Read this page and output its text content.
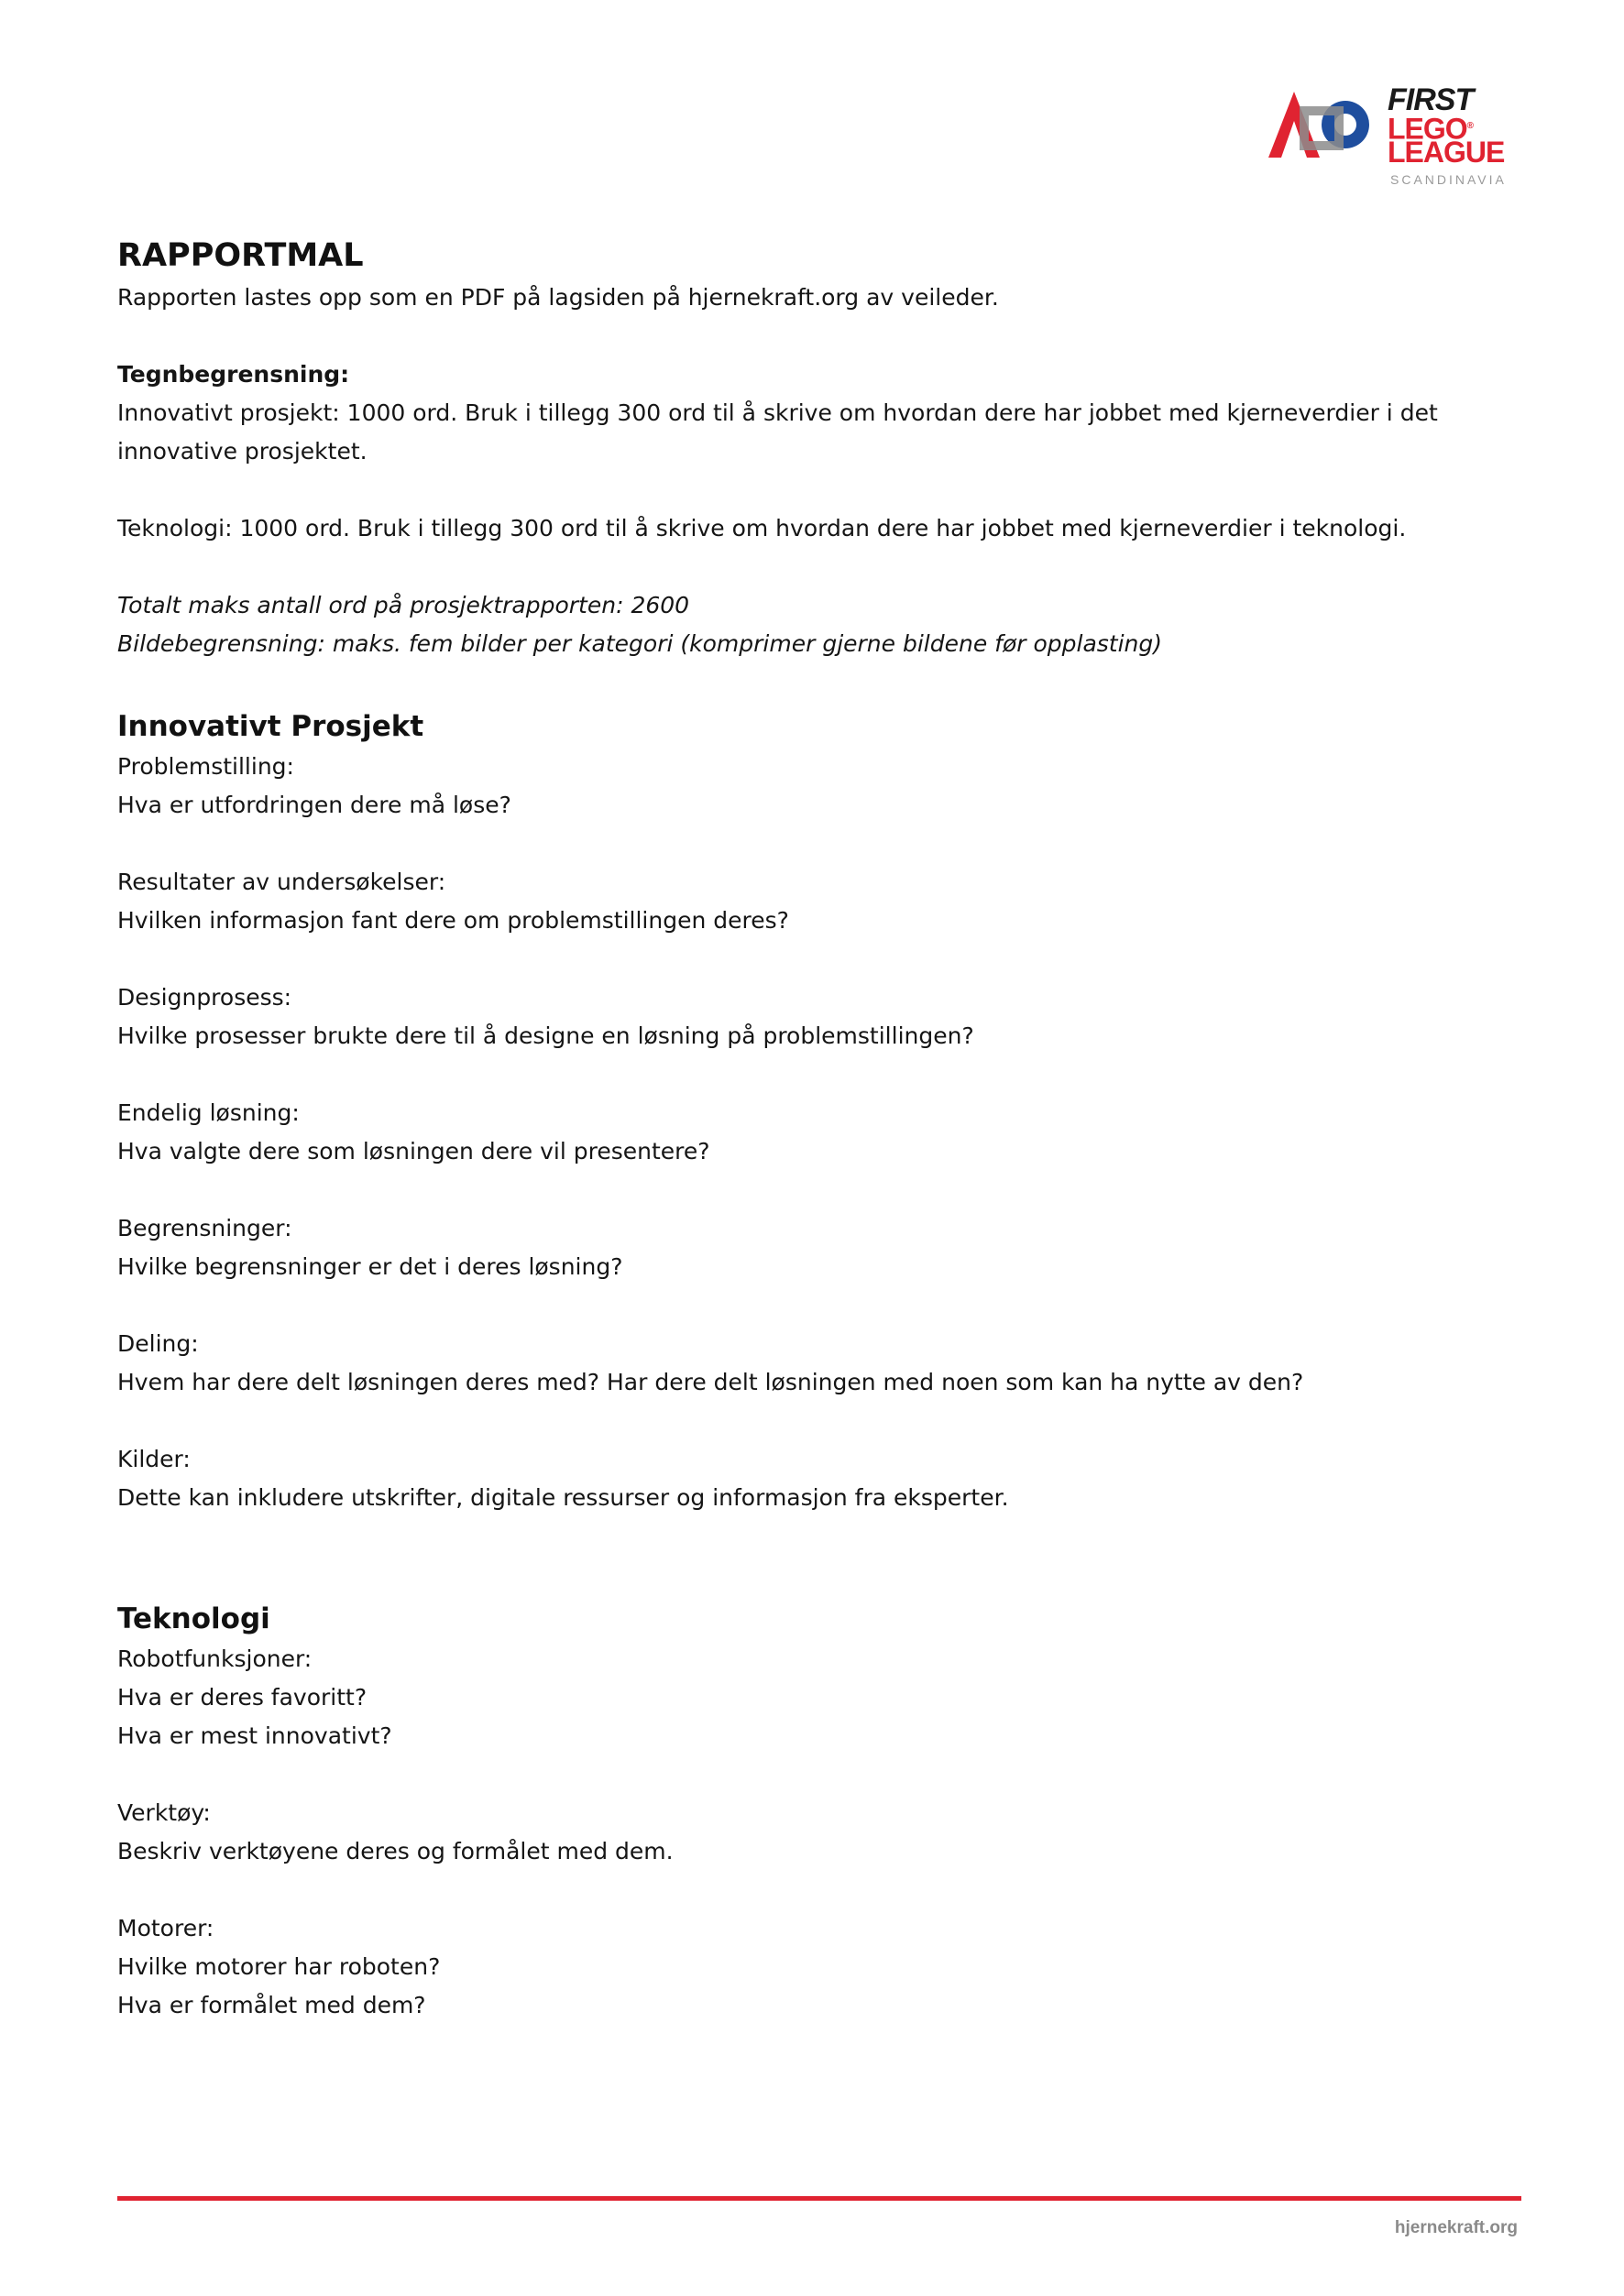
FIRST
LEGO®
LEAGUE
SCANDINAVIA
RAPPORTMAL

Rapporten lastes opp som en PDF på lagsiden på hjernekraft.org av veileder.

Tegnbegrensning:

Innovativt prosjekt: 1000 ord. Bruk i tillegg 300 ord til å skrive om hvordan dere har jobbet med kjerneverdier i det innovative prosjektet.

Teknologi: 1000 ord. Bruk i tillegg 300 ord til å skrive om hvordan dere har jobbet med kjerneverdier i teknologi.

Totalt maks antall ord på prosjektrapporten: 2600

Bildebegrensning: maks. fem bilder per kategori (komprimer gjerne bildene før opplasting)

Innovativt Prosjekt

Problemstilling:

Hva er utfordringen dere må løse?

Resultater av undersøkelser:

Hvilken informasjon fant dere om problemstillingen deres?

Designprosess:

Hvilke prosesser brukte dere til å designe en løsning på problemstillingen?

Endelig løsning:

Hva valgte dere som løsningen dere vil presentere?

Begrensninger:

Hvilke begrensninger er det i deres løsning?

Deling:

Hvem har dere delt løsningen deres med? Har dere delt løsningen med noen som kan ha nytte av den?

Kilder:

Dette kan inkludere utskrifter, digitale ressurser og informasjon fra eksperter.

Teknologi

Robotfunksjoner:

Hva er deres favoritt?

Hva er mest innovativt?

Verktøy:

Beskriv verktøyene deres og formålet med dem.

Motorer:

Hvilke motorer har roboten?

Hva er formålet med dem?

hjernekraft.org
